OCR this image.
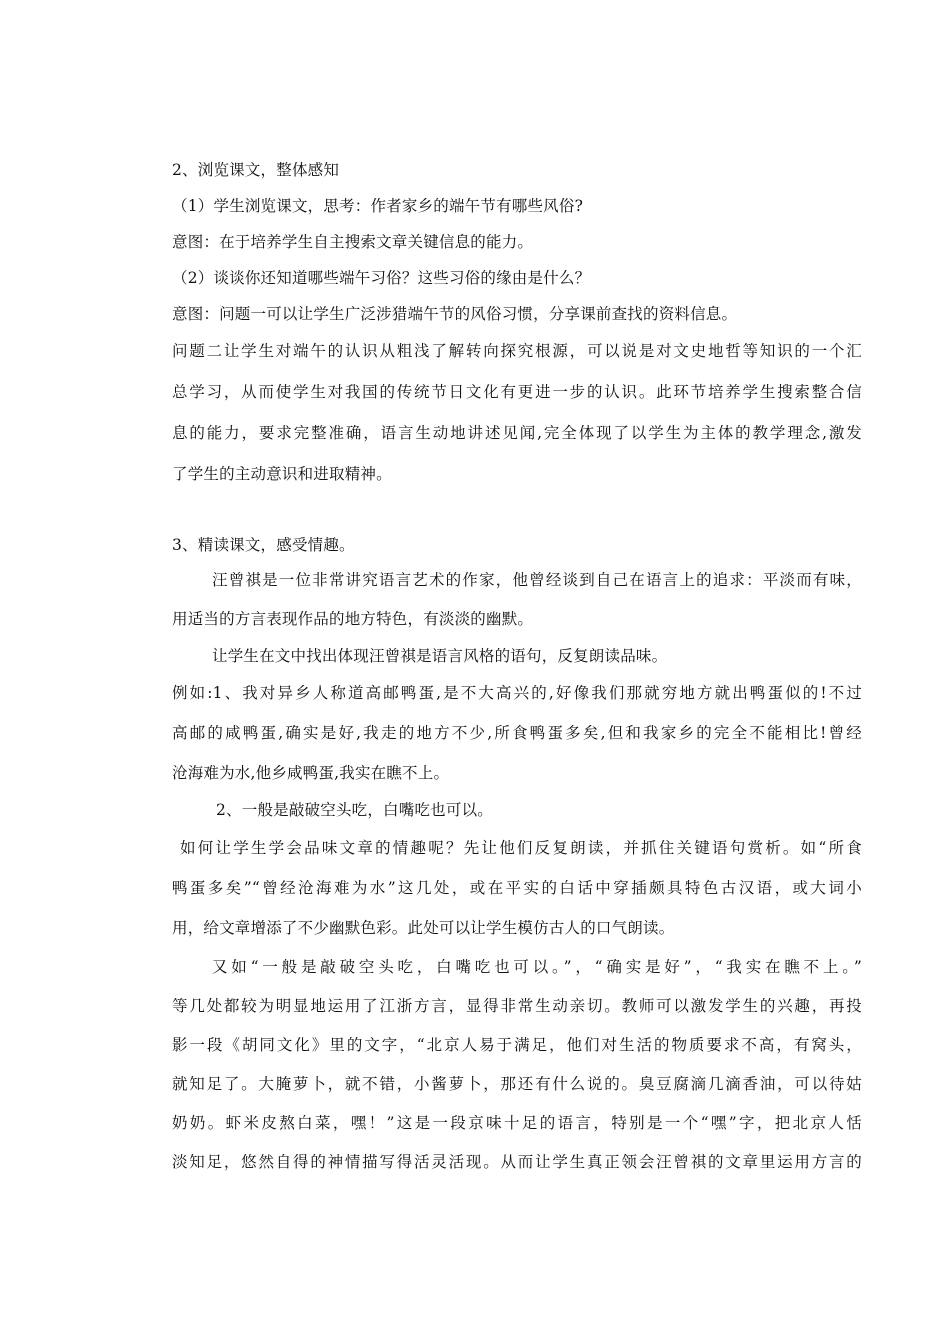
2、浏览课文，整体感知
（1）学生浏览课文，思考：作者家乡的端午节有哪些风俗?
意图：在于培养学生自主搜索文章关键信息的能力。
（2）谈谈你还知道哪些端午习俗？这些习俗的缘由是什么？
意图：问题一可以让学生广泛涉猎端午节的风俗习惯，分享课前查找的资料信息。
问题二让学生对端午的认识从粗浅了解转向探究根源，可以说是对文史地哲等知识的一个汇
总学习，从而使学生对我国的传统节日文化有更进一步的认识。此环节培养学生搜索整合信
息的能力，要求完整准确，语言生动地讲述见闻,完全体现了以学生为主体的教学理念,激发
了学生的主动意识和进取精神。
3、精读课文，感受情趣。
汪曾祺是一位非常讲究语言艺术的作家，他曾经谈到自己在语言上的追求：平淡而有味，
用适当的方言表现作品的地方特色，有淡淡的幽默。
让学生在文中找出体现汪曾祺是语言风格的语句，反复朗读品味。
例如:1、我对异乡人称道高邮鸭蛋,是不大高兴的,好像我们那就穷地方就出鸭蛋似的!不过
高邮的咸鸭蛋,确实是好,我走的地方不少,所食鸭蛋多矣,但和我家乡的完全不能相比!曾经
沧海难为水,他乡咸鸭蛋,我实在瞧不上。
2、一般是敲破空头吃，白嘴吃也可以。
如何让学生学会品味文章的情趣呢？先让他们反复朗读，并抓住关键语句赏析。如“所食
鸭蛋多矣”“曾经沧海难为水”这几处，或在平实的白话中穿插颇具特色古汉语，或大词小
用，给文章增添了不少幽默色彩。此处可以让学生模仿古人的口气朗读。
又如“一般是敲破空头吃，白嘴吃也可以。”，“确实是好”，“我实在瞧不上。”
等几处都较为明显地运用了江浙方言，显得非常生动亲切。教师可以激发学生的兴趣，再投
影一段《胡同文化》里的文字，“北京人易于满足，他们对生活的物质要求不高，有窝头，
就知足了。大腌萝卜，就不错，小酱萝卜，那还有什么说的。臭豆腐滴几滴香油，可以待姑
奶奶。虾米皮熬白菜，嘿！”这是一段京味十足的语言，特别是一个“嘿”字，把北京人恬
淡知足，悠然自得的神情描写得活灵活现。从而让学生真正领会汪曾祺的文章里运用方言的
